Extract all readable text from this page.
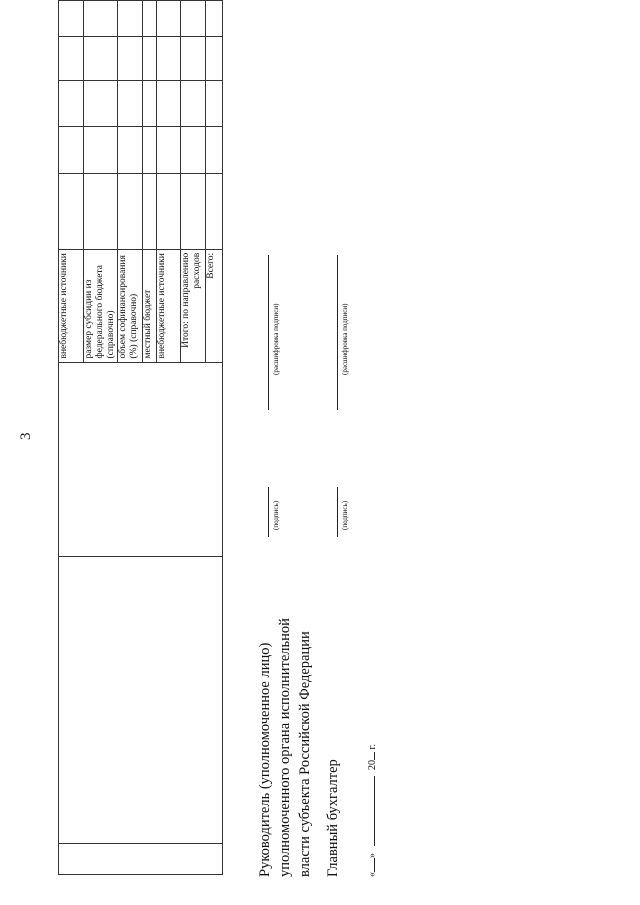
3
			внебюджетные источники					
			размер субсидии из федерального бюджета (справочно)					
			объем софинансирования (%) (справочно)					
			местный бюджет					
			внебюджетные источники					
			Итого: по направлению расходов					
			Всего:					
Руководитель (уполномоченное лицо) уполномоченного органа исполнительной власти субъекта Российской Федерации
(подпись)
(расшифровка подписи)
Главный бухгалтер
(подпись)
(расшифровка подписи)
«»  20 г.
